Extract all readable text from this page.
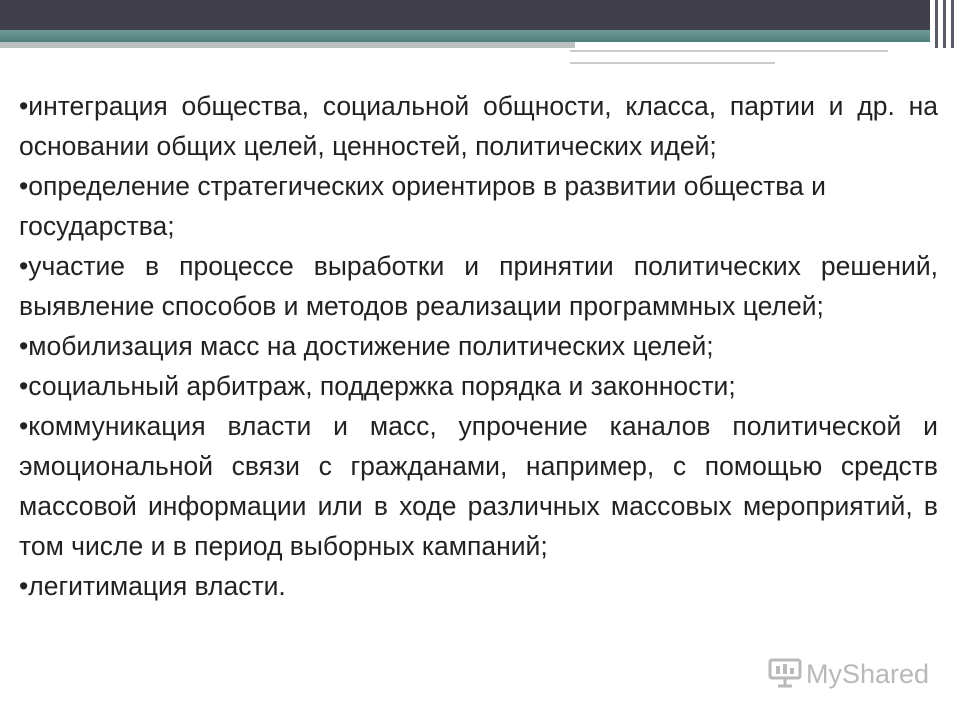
•интеграция общества, социальной общности, класса, партии и др. на основании общих целей, ценностей, политических идей;

•определение стратегических ориентиров в развитии общества и государства;

•участие в процессе выработки и принятии политических решений, выявление способов и методов реализации программных целей;

•мобилизация масс на достижение политических целей;

•социальный арбитраж, поддержка порядка и законности;

•коммуникация власти и масс, упрочение каналов политической и эмоциональной связи с гражданами, например, с помощью средств массовой информации или в ходе различных массовых мероприятий, в том числе и в период выборных кампаний;

•легитимация власти.

MyShared
